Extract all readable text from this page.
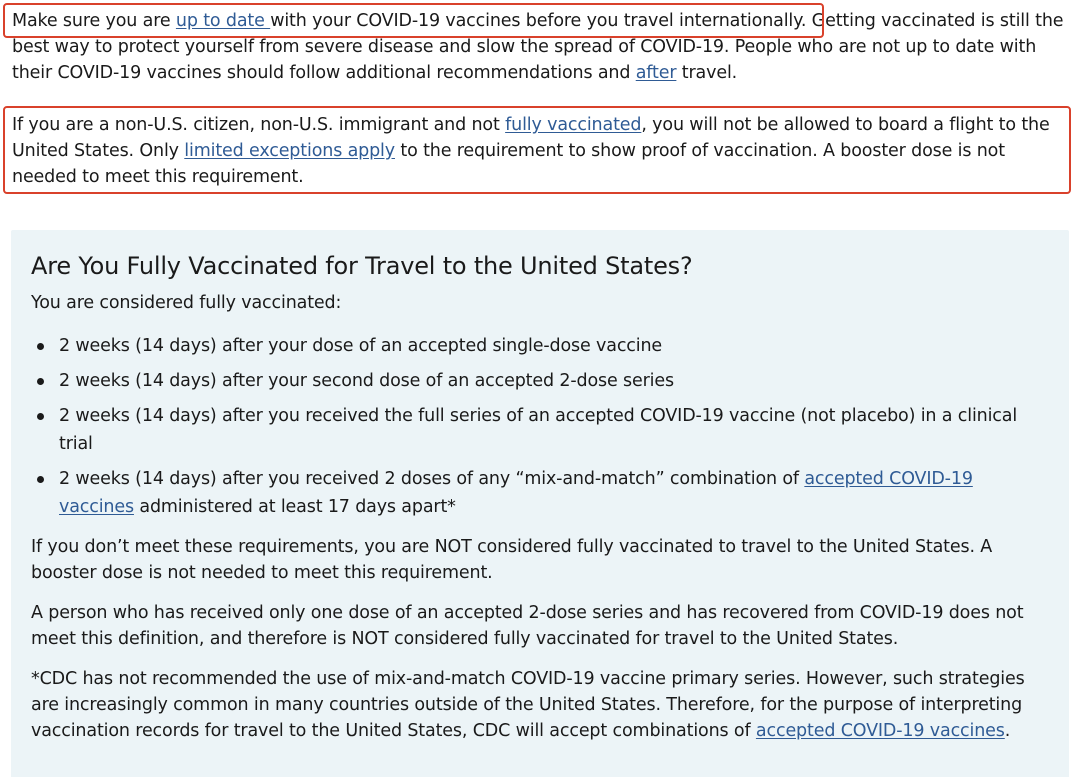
Make sure you are up to date with your COVID-19 vaccines before you travel internationally. Getting vaccinated is still the best way to protect yourself from severe disease and slow the spread of COVID-19. People who are not up to date with their COVID-19 vaccines should follow additional recommendations and after travel.

If you are a non-U.S. citizen, non-U.S. immigrant and not fully vaccinated, you will not be allowed to board a flight to the United States. Only limited exceptions apply to the requirement to show proof of vaccination. A booster dose is not needed to meet this requirement.

Are You Fully Vaccinated for Travel to the United States?

You are considered fully vaccinated:

2 weeks (14 days) after your dose of an accepted single-dose vaccine
2 weeks (14 days) after your second dose of an accepted 2-dose series
2 weeks (14 days) after you received the full series of an accepted COVID-19 vaccine (not placebo) in a clinical trial
2 weeks (14 days) after you received 2 doses of any “mix-and-match” combination of accepted COVID-19 vaccines administered at least 17 days apart*

If you don’t meet these requirements, you are NOT considered fully vaccinated to travel to the United States. A booster dose is not needed to meet this requirement.

A person who has received only one dose of an accepted 2-dose series and has recovered from COVID-19 does not meet this definition, and therefore is NOT considered fully vaccinated for travel to the United States.

*CDC has not recommended the use of mix-and-match COVID-19 vaccine primary series. However, such strategies are increasingly common in many countries outside of the United States. Therefore, for the purpose of interpreting vaccination records for travel to the United States, CDC will accept combinations of accepted COVID-19 vaccines.
